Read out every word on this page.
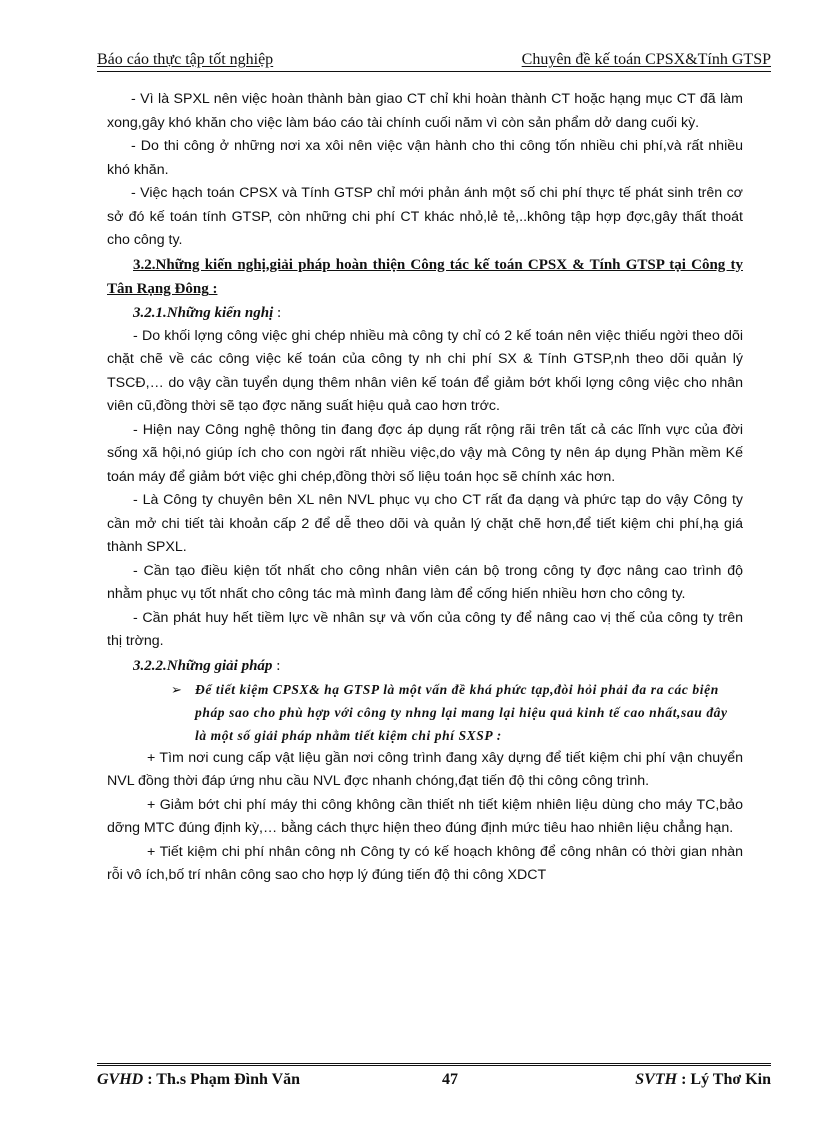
Báo cáo thực tập tốt nghiệp	Chuyên đề kế toán CPSX&Tính GTSP

- Vì là SPXL nên việc hoàn thành bàn giao CT chỉ khi hoàn thành CT hoặc hạng mục CT đã làm xong,gây khó khăn cho việc làm báo cáo tài chính cuối năm vì còn sản phẩm dở dang cuối kỳ.

- Do thi công ở những nơi xa xôi nên việc vận hành cho thi công tốn nhiều chi phí,và rất nhiều khó khăn.

- Việc hạch toán CPSX và Tính GTSP chỉ mới phản ánh một số chi phí thực tế phát sinh trên cơ sở đó kế toán tính GTSP, còn những chi phí CT khác nhỏ,lẻ tẻ,..không tập hợp đợc,gây thất thoát cho công ty.

3.2.Những kiến nghị,giải pháp hoàn thiện Công tác kế toán CPSX & Tính GTSP tại Công ty Tân Rạng Đông :

3.2.1.Những kiến nghị :

- Do khối lợng công việc ghi chép nhiều mà công ty chỉ có 2 kế toán nên việc thiếu ngời theo dõi chặt chẽ về các công việc kế toán của công ty nh chi phí SX & Tính GTSP,nh theo dõi quản lý TSCĐ,… do vậy cần tuyển dụng thêm nhân viên kế toán để giảm bớt khối lợng công việc cho nhân viên cũ,đồng thời sẽ tạo đợc năng suất hiệu quả cao hơn trớc.

- Hiện nay Công nghệ thông tin đang đợc áp dụng rất rộng rãi trên tất cả các lĩnh vực của đời sống xã hội,nó giúp ích cho con ngời rất nhiều việc,do vậy mà Công ty nên áp dụng Phần mềm Kế toán máy để giảm bớt việc ghi chép,đồng thời số liệu toán học sẽ chính xác hơn.

- Là Công ty chuyên bên XL nên NVL phục vụ cho CT rất đa dạng và phức tạp do vậy Công ty cần mở chi tiết tài khoản cấp 2 để dễ theo dõi và quản lý chặt chẽ hơn,để tiết kiệm chi phí,hạ giá thành SPXL.

- Cần tạo điều kiện tốt nhất cho công nhân viên cán bộ trong công ty đợc nâng cao trình độ nhằm phục vụ tốt nhất cho công tác mà mình đang làm để cống hiến nhiều hơn cho công ty.

- Cần phát huy hết tiềm lực về nhân sự và vốn của công ty để nâng cao vị thế của công ty trên thị trờng.

3.2.2.Những giải pháp :

➢ Để tiết kiệm CPSX& hạ GTSP là một vấn đề khá phức tạp,đòi hỏi phải đa ra các biện pháp sao cho phù hợp với công ty nhng lại mang lại hiệu quả kinh tế cao nhất,sau đây là một số giải pháp nhằm tiết kiệm chi phí SXSP :

+ Tìm nơi cung cấp vật liệu gần nơi công trình đang xây dựng để tiết kiệm chi phí vận chuyển NVL đồng thời đáp ứng nhu cầu NVL đợc nhanh chóng,đạt tiến độ thi công công trình.

+ Giảm bớt chi phí máy thi công không cần thiết nh tiết kiệm nhiên liệu dùng cho máy TC,bảo dỡng MTC đúng định kỳ,… bằng cách thực hiện theo đúng định mức tiêu hao nhiên liệu chẳng hạn.

+ Tiết kiệm chi phí nhân công nh Công ty có kế hoạch không để công nhân có thời gian nhàn rỗi vô ích,bố trí nhân công sao cho hợp lý đúng tiến độ thi công XDCT

GVHD : Th.s Phạm Đình Văn	47	SVTH : Lý Thơ Kin
